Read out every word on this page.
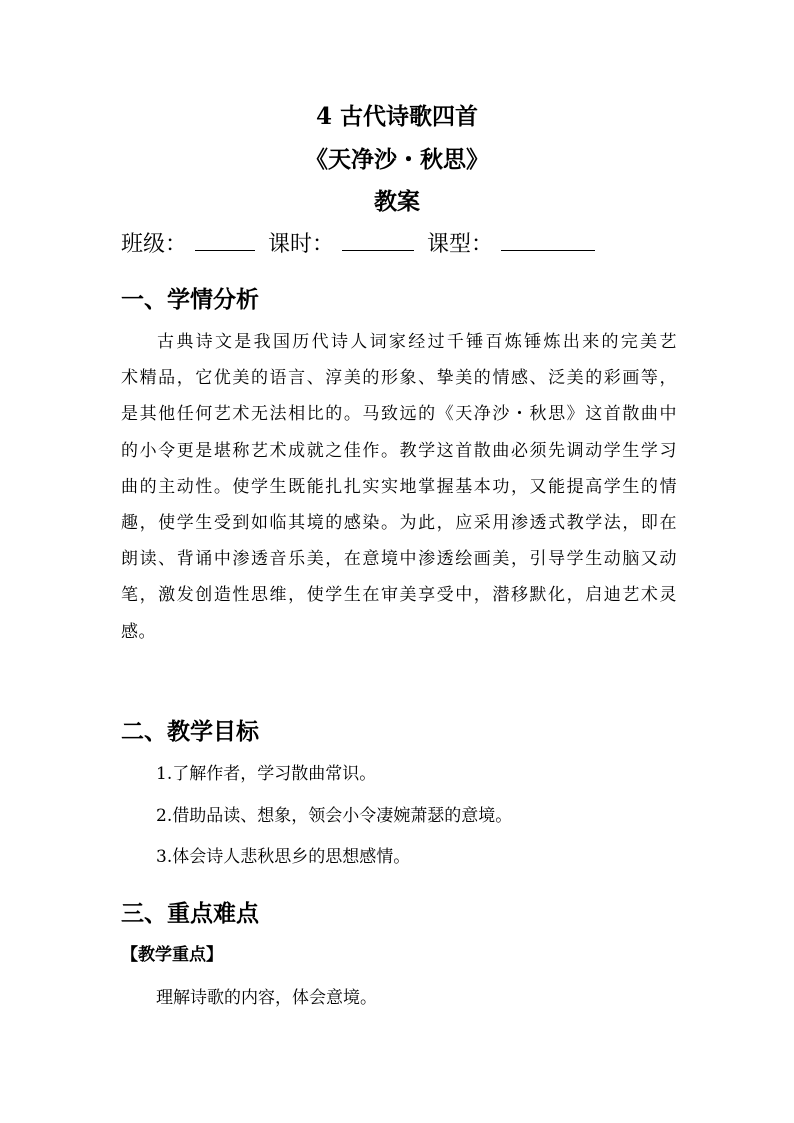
4 古代诗歌四首
《天净沙・秋思》
教案
班级：	课时：	课型：
一、学情分析
古典诗文是我国历代诗人词家经过千锤百炼锤炼出来的完美艺
术精品，它优美的语言、淳美的形象、挚美的情感、泛美的彩画等，
是其他任何艺术无法相比的。马致远的《天净沙・秋思》这首散曲中
的小令更是堪称艺术成就之佳作。教学这首散曲必须先调动学生学习
曲的主动性。使学生既能扎扎实实地掌握基本功，又能提高学生的情
趣，使学生受到如临其境的感染。为此，应采用渗透式教学法，即在
朗读、背诵中渗透音乐美，在意境中渗透绘画美，引导学生动脑又动
笔，激发创造性思维，使学生在审美享受中，潜移默化，启迪艺术灵
感。
二、教学目标
1.了解作者，学习散曲常识。
2.借助品读、想象，领会小令凄婉萧瑟的意境。
3.体会诗人悲秋思乡的思想感情。
三、重点难点
【教学重点】
理解诗歌的内容，体会意境。
